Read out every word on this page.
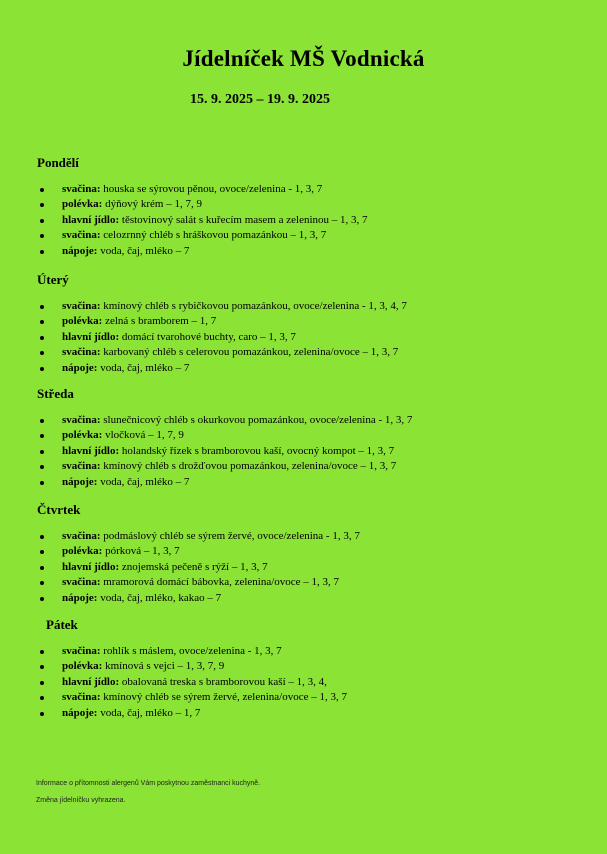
Jídelníček MŠ Vodnická
15. 9. 2025 – 19. 9. 2025
Pondělí
svačina: houska se sýrovou pěnou, ovoce/zelenina - 1, 3, 7
polévka: dýňový krém – 1, 7, 9
hlavní jídlo: těstovinový salát s kuřecím masem a zeleninou – 1, 3, 7
svačina: celozrnný chléb s hráškovou pomazánkou – 1, 3, 7
nápoje: voda, čaj, mléko – 7
Úterý
svačina: kmínový chléb s rybičkovou pomazánkou, ovoce/zelenina - 1, 3, 4, 7
polévka: zelná s bramborem – 1, 7
hlavní jídlo: domácí tvarohové buchty, caro – 1, 3, 7
svačina: karbovaný chléb s celerovou pomazánkou, zelenina/ovoce – 1, 3, 7
nápoje: voda, čaj, mléko – 7
Středa
svačina: slunečnicový chléb s okurkovou pomazánkou, ovoce/zelenina - 1, 3, 7
polévka: vločková – 1, 7, 9
hlavní jídlo: holandský řízek s bramborovou kaší, ovocný kompot – 1, 3, 7
svačina: kmínový chléb s drožďovou pomazánkou, zelenina/ovoce – 1, 3, 7
nápoje: voda, čaj, mléko – 7
Čtvrtek
svačina: podmáslový chléb se sýrem žervé, ovoce/zelenina - 1, 3, 7
polévka: pórková – 1, 3, 7
hlavní jídlo: znojemská pečeně s rýží – 1, 3, 7
svačina: mramorová domácí bábovka, zelenina/ovoce – 1, 3, 7
nápoje: voda, čaj, mléko, kakao – 7
Pátek
svačina: rohlík s máslem, ovoce/zelenina - 1, 3, 7
polévka: kmínová s vejci – 1, 3, 7, 9
hlavní jídlo: obalovaná treska s bramborovou kaší – 1, 3, 4,
svačina: kmínový chléb se sýrem žervé, zelenina/ovoce – 1, 3, 7
nápoje: voda, čaj, mléko – 1, 7
Informace o přítomnosti alergenů Vám poskytnou zaměstnanci kuchyně.
Změna jídelníčku vyhrazena.
